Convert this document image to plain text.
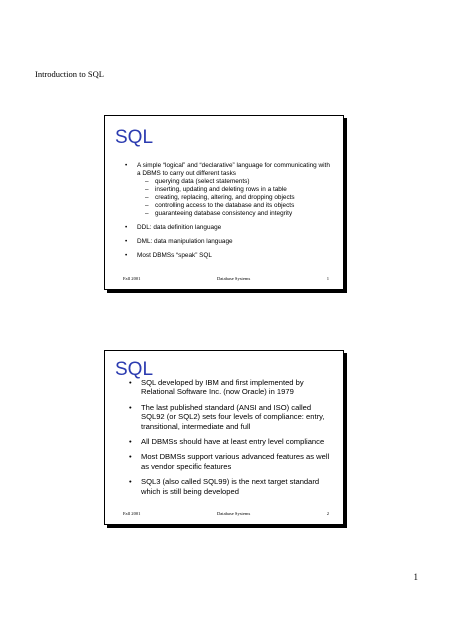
Introduction to SQL

SQL
• A simple “logical” and “declarative” language for communicating with a DBMS to carry out different tasks
– querying data (select statements)
– inserting, updating and deleting rows in a table
– creating, replacing, altering, and dropping objects
– controlling access to the database and its objects
– guaranteeing database consistency and integrity
• DDL: data definition language
• DML: data manipulation language
• Most DBMSs “speak” SQL
Fall 2001	Database Systems	1
SQL
• SQL developed by IBM and first implemented by Relational Software Inc. (now Oracle) in 1979
• The last published standard (ANSI and ISO) called SQL92 (or SQL2) sets four levels of compliance: entry, transitional, intermediate and full
• All DBMSs should have at least entry level compliance
• Most DBMSs support various advanced features as well as vendor specific features
• SQL3 (also called SQL99) is the next target standard which is still being developed
Fall 2001	Database Systems	2
1
